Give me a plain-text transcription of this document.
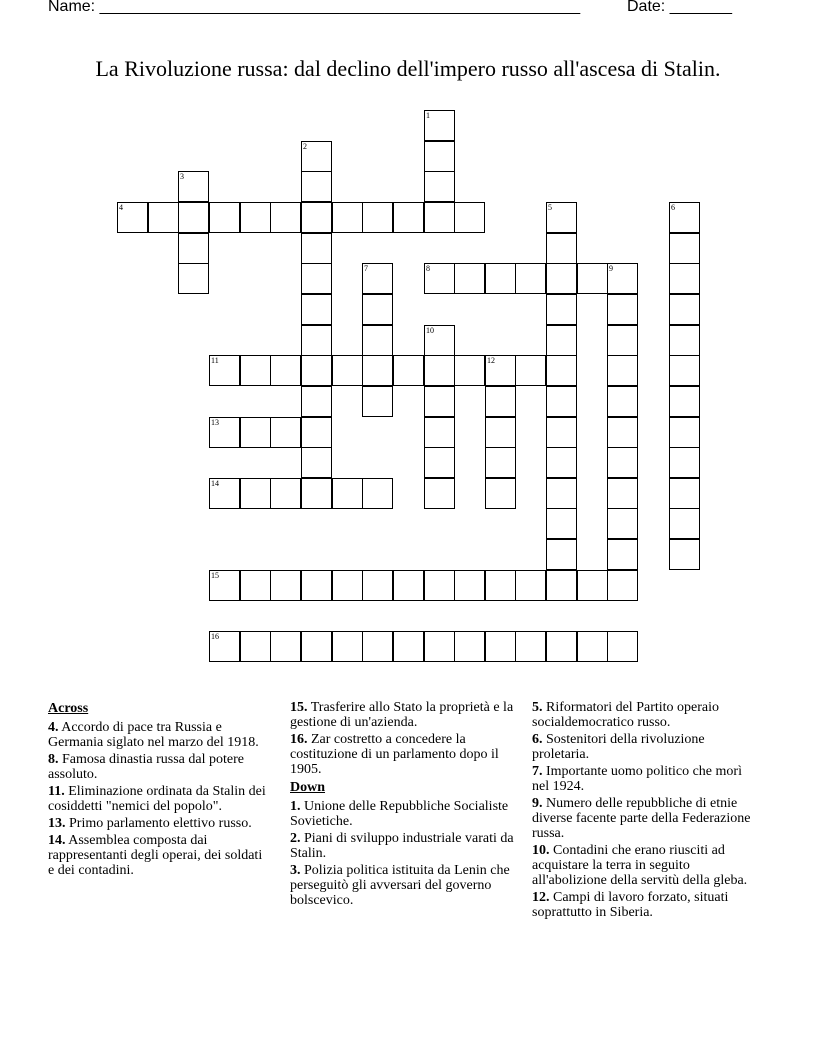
Name: ______________________________________________________	Date: _______
La Rivoluzione russa: dal declino dell'impero russo all'ascesa di Stalin.
4
8	9
11	12
13
14
15
16
1
2
3
5	6
7
10
Across
4. Accordo di pace tra Russia e Germania siglato nel marzo del 1918.
8. Famosa dinastia russa dal potere assoluto.
11. Eliminazione ordinata da Stalin dei cosiddetti "nemici del popolo".
13. Primo parlamento elettivo russo.
14. Assemblea composta dai rappresentanti degli operai, dei soldati e dei contadini.
15. Trasferire allo Stato la proprietà e la gestione di un'azienda.
16. Zar costretto a concedere la costituzione di un parlamento dopo il 1905.
Down
1. Unione delle Repubbliche Socialiste Sovietiche.
2. Piani di sviluppo industriale varati da Stalin.
3. Polizia politica istituita da Lenin che perseguitò gli avversari del governo bolscevico.
5. Riformatori del Partito operaio socialdemocratico russo.
6. Sostenitori della rivoluzione proletaria.
7. Importante uomo politico che morì nel 1924.
9. Numero delle repubbliche di etnie diverse facente parte della Federazione russa.
10. Contadini che erano riusciti ad acquistare la terra in seguito all'abolizione della servitù della gleba.
12. Campi di lavoro forzato, situati soprattutto in Siberia.
